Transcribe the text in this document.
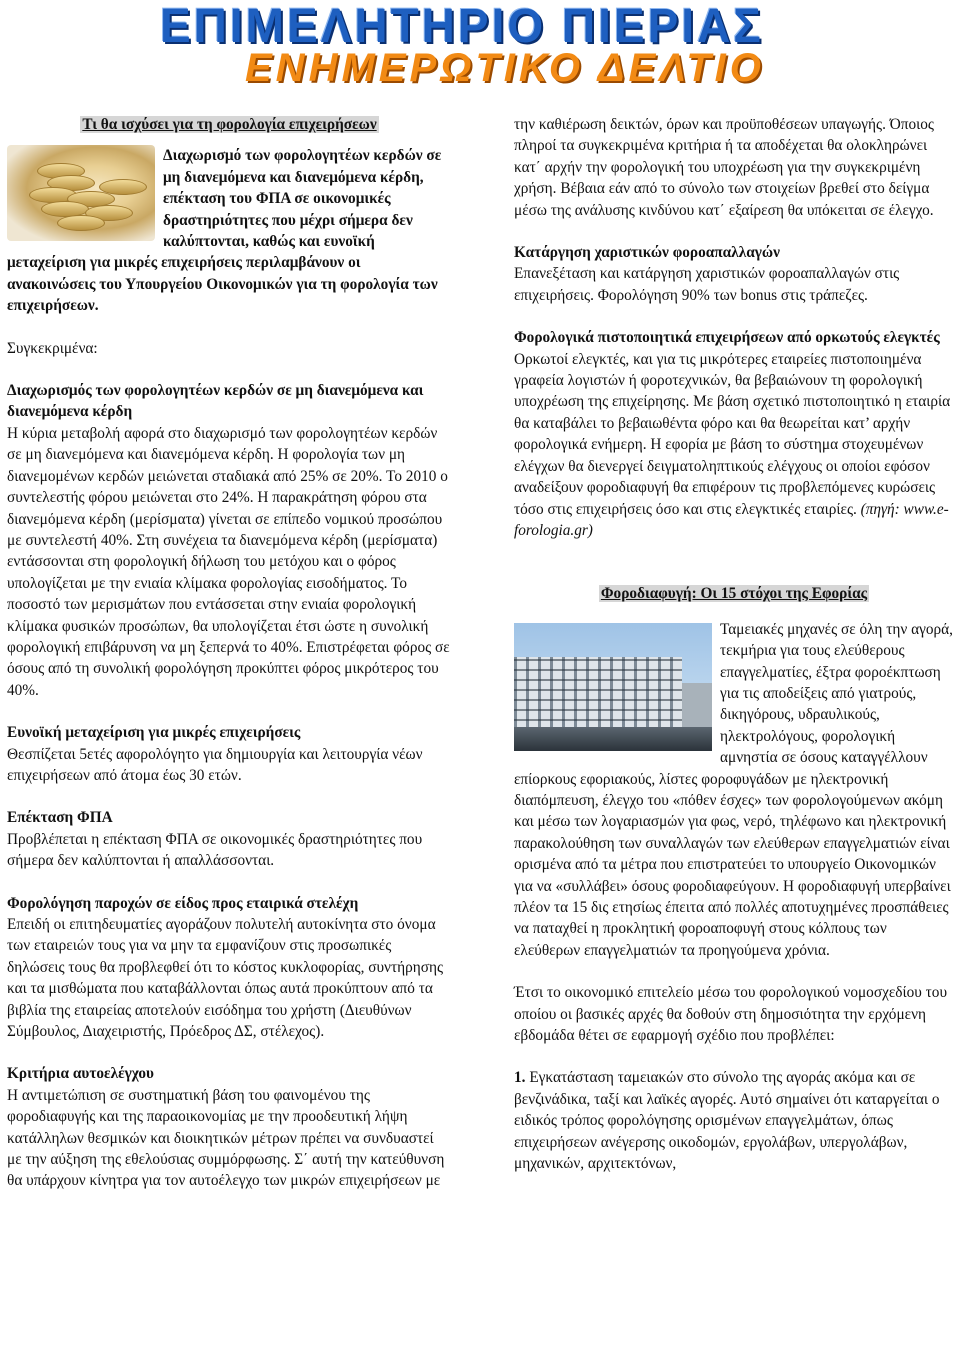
ΕΠΙΜΕΛΗΤΗΡΙΟ ΠΙΕΡΙΑΣ
ΕΝΗΜΕΡΩΤΙΚΟ ΔΕΛΤΙΟ
Τι θα ισχύσει για τη φορολογία επιχειρήσεων

Διαχωρισμό των φορολογητέων κερδών σε μη διανεμόμενα και διανεμόμενα κέρδη, επέκταση του ΦΠΑ σε οικονομικές δραστηριότητες που μέχρι σήμερα δεν καλύπτονται, καθώς και ευνοϊκή μεταχείριση για μικρές επιχειρήσεις περιλαμβάνουν οι ανακοινώσεις του Υπουργείου Οικονομικών για τη φορολογία των επιχειρήσεων.

Συγκεκριμένα:

Διαχωρισμός των φορολογητέων κερδών σε μη διανεμόμενα και διανεμόμενα κέρδη

Η κύρια μεταβολή αφορά στο διαχωρισμό των φορολογητέων κερδών σε μη διανεμόμενα και διανεμόμενα κέρδη. Η φορολογία των μη διανεμομένων κερδών μειώνεται σταδιακά από 25% σε 20%. Το 2010 ο συντελεστής φόρου μειώνεται στο 24%. Η παρακράτηση φόρου στα διανεμόμενα κέρδη (μερίσματα) γίνεται σε επίπεδο νομικού προσώπου με συντελεστή 40%. Στη συνέχεια τα διανεμόμενα κέρδη (μερίσματα) εντάσσονται στη φορολογική δήλωση του μετόχου και ο φόρος υπολογίζεται με την ενιαία κλίμακα φορολογίας εισοδήματος. Το ποσοστό των μερισμάτων που εντάσσεται στην ενιαία φορολογική κλίμακα φυσικών προσώπων, θα υπολογίζεται έτσι ώστε η συνολική φορολογική επιβάρυνση να μη ξεπερνά το 40%. Επιστρέφεται φόρος σε όσους από τη συνολική φορολόγηση προκύπτει φόρος μικρότερος του 40%.

Ευνοϊκή μεταχείριση για μικρές επιχειρήσεις

Θεσπίζεται 5ετές αφορολόγητο για δημιουργία και λειτουργία νέων επιχειρήσεων από άτομα έως 30 ετών.

Επέκταση ΦΠΑ

Προβλέπεται η επέκταση ΦΠΑ σε οικονομικές δραστηριότητες που σήμερα δεν καλύπτονται ή απαλλάσσονται.

Φορολόγηση παροχών σε είδος προς εταιρικά στελέχη

Επειδή οι επιτηδευματίες αγοράζουν πολυτελή αυτοκίνητα στο όνομα των εταιρειών τους για να μην τα εμφανίζουν στις προσωπικές δηλώσεις τους θα προβλεφθεί ότι το κόστος κυκλοφορίας, συντήρησης και τα μισθώματα που καταβάλλονται όπως αυτά προκύπτουν από τα βιβλία της εταιρείας αποτελούν εισόδημα του χρήστη (Διευθύνων Σύμβουλος, Διαχειριστής, Πρόεδρος ΔΣ, στέλεχος).

Κριτήρια αυτοελέγχου

Η αντιμετώπιση σε συστηματική βάση του φαινομένου της φοροδιαφυγής και της παραοικονομίας με την προοδευτική λήψη κατάλληλων θεσμικών και διοικητικών μέτρων πρέπει να συνδυαστεί με την αύξηση της εθελούσιας συμμόρφωσης. Σ΄ αυτή την κατεύθυνση θα υπάρχουν κίνητρα για τον αυτοέλεγχο των μικρών επιχειρήσεων με

την καθιέρωση δεικτών, όρων και προϋποθέσεων υπαγωγής. Όποιος πληροί τα συγκεκριμένα κριτήρια ή τα αποδέχεται θα ολοκληρώνει κατ΄ αρχήν την φορολογική του υποχρέωση για την συγκεκριμένη χρήση. Βέβαια εάν από το σύνολο των στοιχείων βρεθεί στο δείγμα μέσω της ανάλυσης κινδύνου κατ΄ εξαίρεση θα υπόκειται σε έλεγχο.

Κατάργηση χαριστικών φοροαπαλλαγών

Επανεξέταση και κατάργηση χαριστικών φοροαπαλλαγών στις επιχειρήσεις. Φορολόγηση 90% των bonus στις τράπεζες.

Φορολογικά πιστοποιητικά επιχειρήσεων από ορκωτούς ελεγκτές

Ορκωτοί ελεγκτές, και για τις μικρότερες εταιρείες πιστοποιημένα γραφεία λογιστών ή φοροτεχνικών, θα βεβαιώνουν τη φορολογική υποχρέωση της επιχείρησης. Με βάση σχετικό πιστοποιητικό η εταιρία θα καταβάλει το βεβαιωθέντα φόρο και θα θεωρείται κατ’ αρχήν φορολογικά ενήμερη. Η εφορία με βάση το σύστημα στοχευμένων ελέγχων θα διενεργεί δειγματοληπτικούς ελέγχους οι οποίοι εφόσον αναδείξουν φοροδιαφυγή θα επιφέρουν τις προβλεπόμενες κυρώσεις τόσο στις επιχειρήσεις όσο και στις ελεγκτικές εταιρίες. (πηγή: www.e-forologia.gr)

Φοροδιαφυγή: Οι 15 στόχοι της Εφορίας

Ταμειακές μηχανές σε όλη την αγορά, τεκμήρια για τους ελεύθερους επαγγελματίες, έξτρα φοροέκπτωση για τις αποδείξεις από γιατρούς, δικηγόρους, υδραυλικούς, ηλεκτρολόγους, φορολογική αμνηστία σε όσους καταγγέλλουν επίορκους εφοριακούς, λίστες φοροφυγάδων με ηλεκτρονική διαπόμπευση, έλεγχο του «πόθεν έσχες» των φορολογούμενων ακόμη και μέσω των λογαριασμών για φως, νερό, τηλέφωνο και ηλεκτρονική παρακολούθηση των συναλλαγών των ελεύθερων επαγγελματιών είναι ορισμένα από τα μέτρα που επιστρατεύει το υπουργείο Οικονομικών για να «συλλάβει» όσους φοροδιαφεύγουν. Η φοροδιαφυγή υπερβαίνει πλέον τα 15 δις ετησίως έπειτα από πολλές αποτυχημένες προσπάθειες να παταχθεί η προκλητική φοροαποφυγή στους κόλπους των ελεύθερων επαγγελματιών τα προηγούμενα χρόνια.

Έτσι το οικονομικό επιτελείο μέσω του φορολογικού νομοσχεδίου του οποίου οι βασικές αρχές θα δοθούν στη δημοσιότητα την ερχόμενη εβδομάδα θέτει σε εφαρμογή σχέδιο που προβλέπει:

1. Εγκατάσταση ταμειακών στο σύνολο της αγοράς ακόμα και σε βενζινάδικα, ταξί και λαϊκές αγορές. Αυτό σημαίνει ότι καταργείται ο ειδικός τρόπος φορολόγησης ορισμένων επαγγελμάτων, όπως επιχειρήσεων ανέγερσης οικοδομών, εργολάβων, υπεργολάβων, μηχανικών, αρχιτεκτόνων,
